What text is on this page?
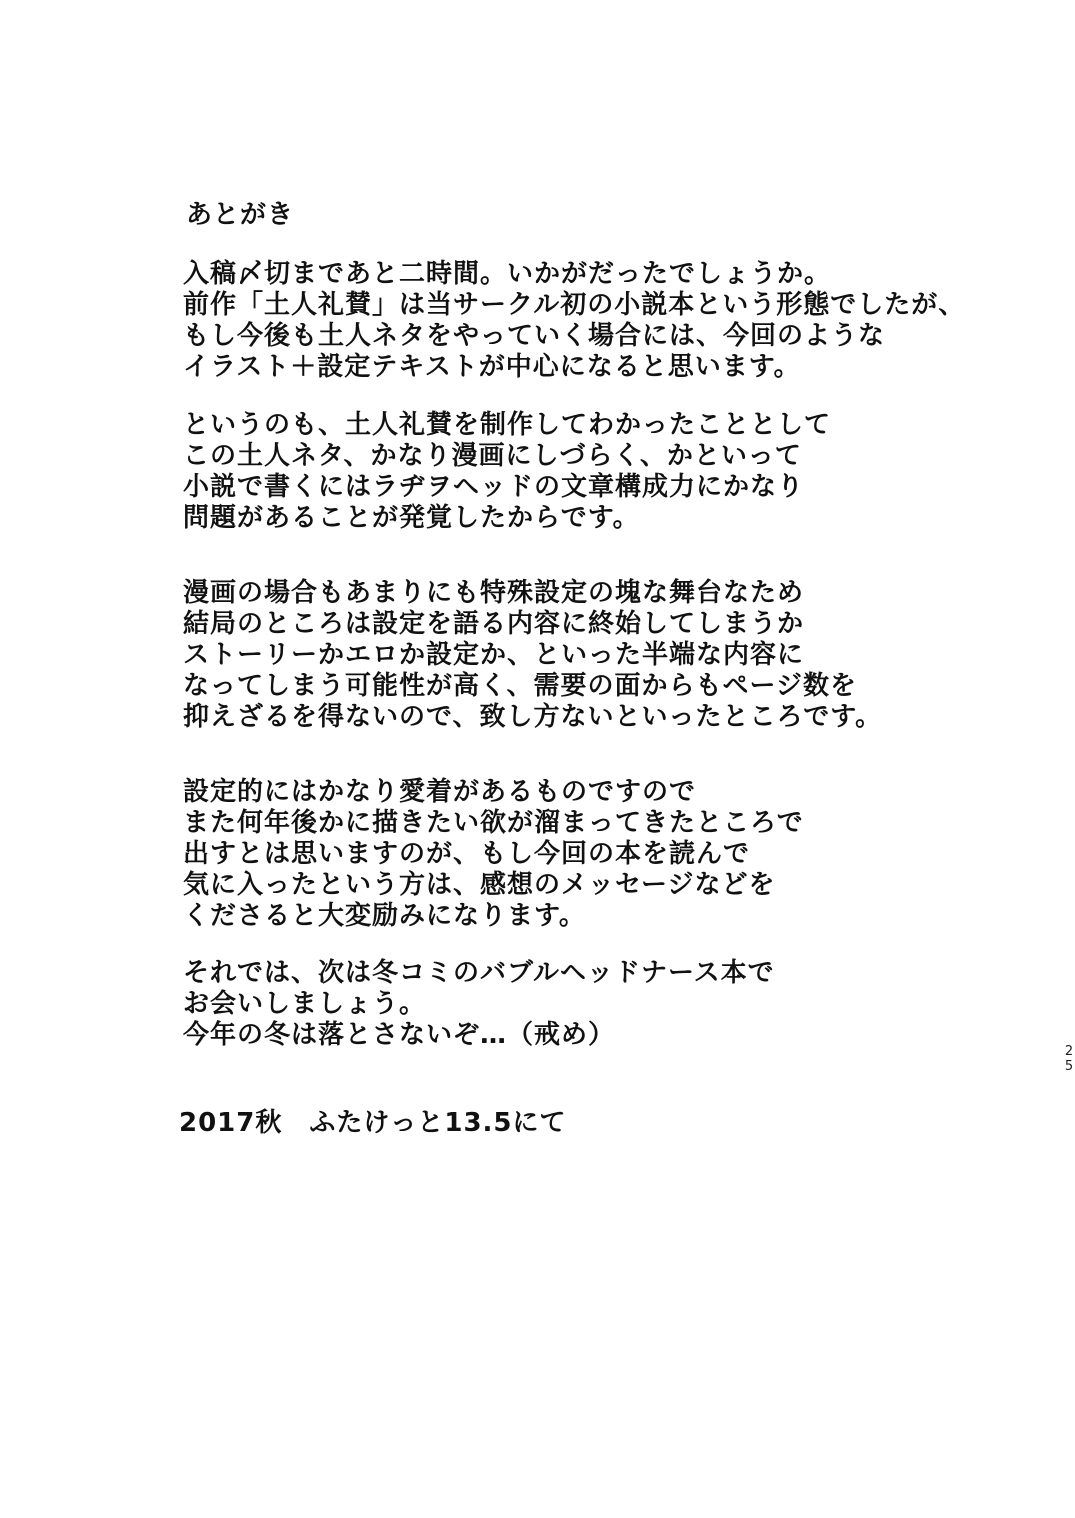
あとがき
入稿〆切まであと二時間。いかがだったでしょうか。
前作「土人礼賛」は当サークル初の小説本という形態でしたが、
もし今後も土人ネタをやっていく場合には、今回のような
イラスト＋設定テキストが中心になると思います。
というのも、土人礼賛を制作してわかったこととして
この土人ネタ、かなり漫画にしづらく、かといって
小説で書くにはラヂヲヘッドの文章構成力にかなり
問題があることが発覚したからです。
漫画の場合もあまりにも特殊設定の塊な舞台なため
結局のところは設定を語る内容に終始してしまうか
ストーリーかエロか設定か、といった半端な内容に
なってしまう可能性が高く、需要の面からもページ数を
抑えざるを得ないので、致し方ないといったところです。
設定的にはかなり愛着があるものですので
また何年後かに描きたい欲が溜まってきたところで
出すとは思いますのが、もし今回の本を読んで
気に入ったという方は、感想のメッセージなどを
くださると大変励みになります。
それでは、次は冬コミのバブルヘッドナース本で
お会いしましょう。
今年の冬は落とさないぞ…（戒め）
2017秋　ふたけっと13.5にて
2
5
